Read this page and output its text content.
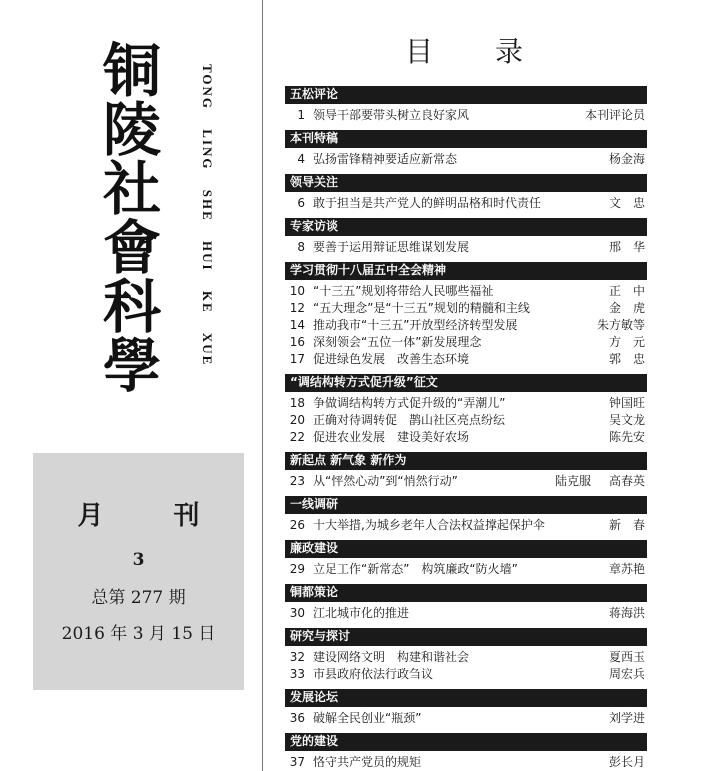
铜
陵
社
會
科
學	TONG LING SHE HUI KE XUE
月　刊
3
总第 277 期
2016 年 3 月 15 日
目录
五松评论
1 领导干部要带头树立良好家风	本刊评论员
本刊特稿
4 弘扬雷锋精神要适应新常态	杨金海
领导关注
6 敢于担当是共产党人的鲜明品格和时代责任	文　忠
专家访谈
8 要善于运用辩证思维谋划发展	邢　华
学习贯彻十八届五中全会精神
10 “十三五”规划将带给人民哪些福祉	正　中
12 “五大理念”是“十三五”规划的精髓和主线	金　虎
14 推动我市“十三五”开放型经济转型发展	朱方敏等
16 深刻领会“五位一体”新发展理念	方　元
17 促进绿色发展　改善生态环境	郭　忠
“调结构转方式促升级”征文
18 争做调结构转方式促升级的“弄潮儿”	钟国旺
20 正确对待调转促　鹊山社区亮点纷纭	吴文龙
22 促进农业发展　建设美好农场	陈先安
新起点 新气象 新作为
23 从“怦然心动”到“悄然行动”	陆克服 高春英
一线调研
26 十大举措,为城乡老年人合法权益撑起保护伞	新　春
廉政建设
29 立足工作“新常态”　构筑廉政“防火墙”	章苏艳
铜都策论
30 江北城市化的推进	蒋海洪
研究与探讨
32 建设网络文明　构建和谐社会	夏西玉
33 市县政府依法行政刍议	周宏兵
发展论坛
36 破解全民创业“瓶颈”	刘学进
党的建设
37 恪守共产党员的规矩	彭长月
